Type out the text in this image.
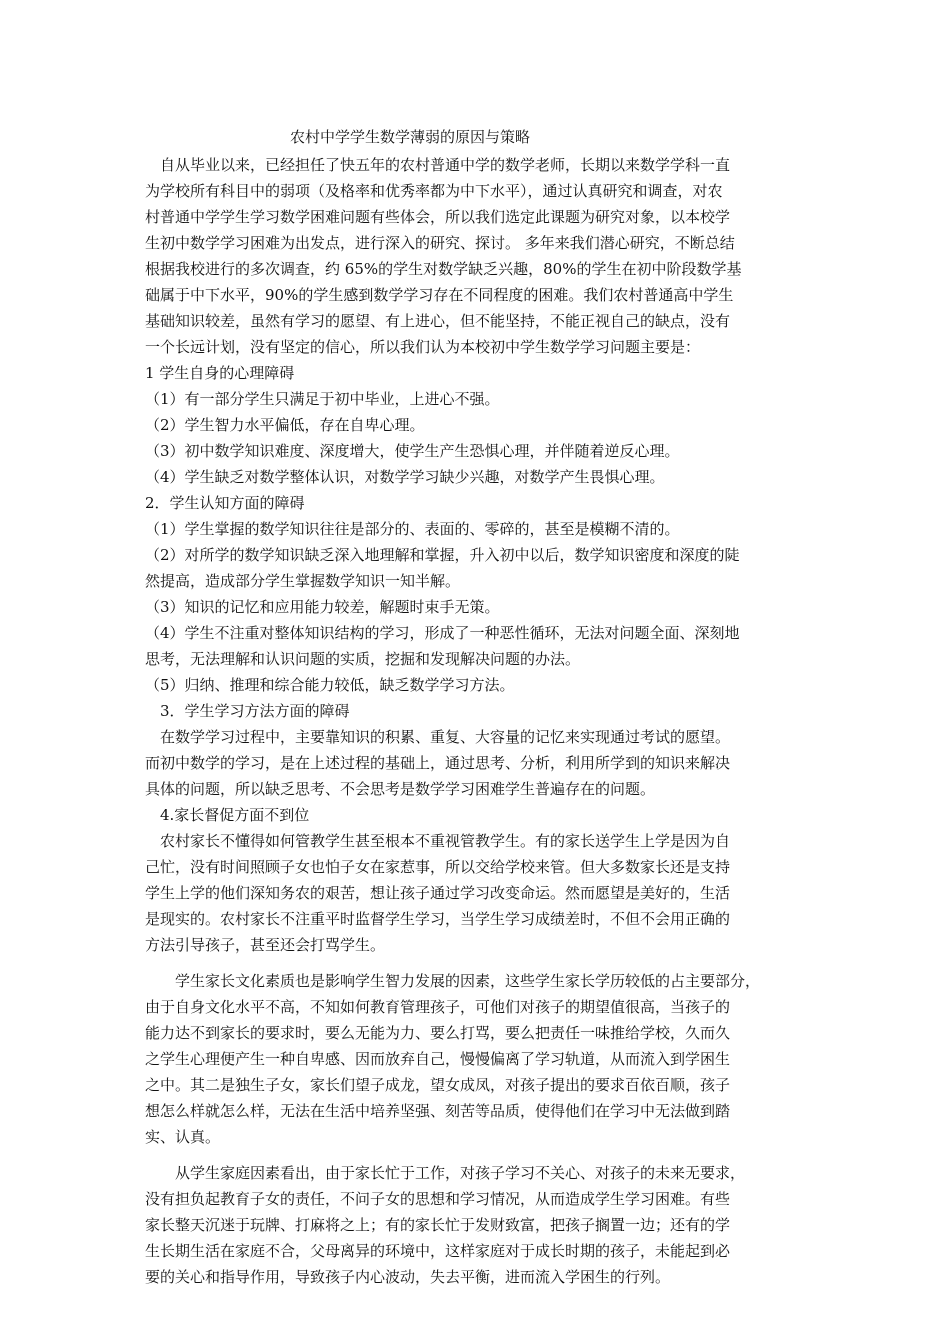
农村中学学生数学薄弱的原因与策略

自从毕业以来，已经担任了快五年的农村普通中学的数学老师，长期以来数学学科一直

为学校所有科目中的弱项（及格率和优秀率都为中下水平），通过认真研究和调查，对农

村普通中学学生学习数学困难问题有些体会，所以我们选定此课题为研究对象，以本校学

生初中数学学习困难为出发点，进行深入的研究、探讨。 多年来我们潜心研究，不断总结

根据我校进行的多次调查，约 65%的学生对数学缺乏兴趣，80%的学生在初中阶段数学基

础属于中下水平，90%的学生感到数学学习存在不同程度的困难。我们农村普通高中学生

基础知识较差，虽然有学习的愿望、有上进心，但不能坚持，不能正视自己的缺点，没有

一个长远计划，没有坚定的信心，所以我们认为本校初中学生数学学习问题主要是：

1 学生自身的心理障碍

（1）有一部分学生只满足于初中毕业，上进心不强。

（2）学生智力水平偏低，存在自卑心理。

（3）初中数学知识难度、深度增大，使学生产生恐惧心理，并伴随着逆反心理。

（4）学生缺乏对数学整体认识，对数学学习缺少兴趣，对数学产生畏惧心理。

2．学生认知方面的障碍

（1）学生掌握的数学知识往往是部分的、表面的、零碎的，甚至是模糊不清的。

（2）对所学的数学知识缺乏深入地理解和掌握，升入初中以后，数学知识密度和深度的陡

然提高，造成部分学生掌握数学知识一知半解。

（3）知识的记忆和应用能力较差，解题时束手无策。

（4）学生不注重对整体知识结构的学习，形成了一种恶性循环，无法对问题全面、深刻地

思考，无法理解和认识问题的实质，挖掘和发现解决问题的办法。

（5）归纳、推理和综合能力较低，缺乏数学学习方法。

3．学生学习方法方面的障碍

在数学学习过程中，主要靠知识的积累、重复、大容量的记忆来实现通过考试的愿望。

而初中数学的学习，是在上述过程的基础上，通过思考、分析，利用所学到的知识来解决

具体的问题，所以缺乏思考、不会思考是数学学习困难学生普遍存在的问题。

4.家长督促方面不到位

农村家长不懂得如何管教学生甚至根本不重视管教学生。有的家长送学生上学是因为自

己忙，没有时间照顾子女也怕子女在家惹事，所以交给学校来管。但大多数家长还是支持

学生上学的他们深知务农的艰苦，想让孩子通过学习改变命运。然而愿望是美好的，生活

是现实的。农村家长不注重平时监督学生学习，当学生学习成绩差时，不但不会用正确的

方法引导孩子，甚至还会打骂学生。

学生家长文化素质也是影响学生智力发展的因素，这些学生家长学历较低的占主要部分，

由于自身文化水平不高，不知如何教育管理孩子，可他们对孩子的期望值很高，当孩子的

能力达不到家长的要求时，要么无能为力、要么打骂，要么把责任一味推给学校，久而久

之学生心理便产生一种自卑感、因而放弃自己，慢慢偏离了学习轨道，从而流入到学困生

之中。其二是独生子女，家长们望子成龙，望女成凤，对孩子提出的要求百依百顺，孩子

想怎么样就怎么样，无法在生活中培养坚强、刻苦等品质，使得他们在学习中无法做到踏

实、认真。

从学生家庭因素看出，由于家长忙于工作，对孩子学习不关心、对孩子的未来无要求，

没有担负起教育子女的责任，不问子女的思想和学习情况，从而造成学生学习困难。有些

家长整天沉迷于玩牌、打麻将之上；有的家长忙于发财致富，把孩子搁置一边；还有的学

生长期生活在家庭不合，父母离异的环境中，这样家庭对于成长时期的孩子，未能起到必

要的关心和指导作用，导致孩子内心波动，失去平衡，进而流入学困生的行列。
